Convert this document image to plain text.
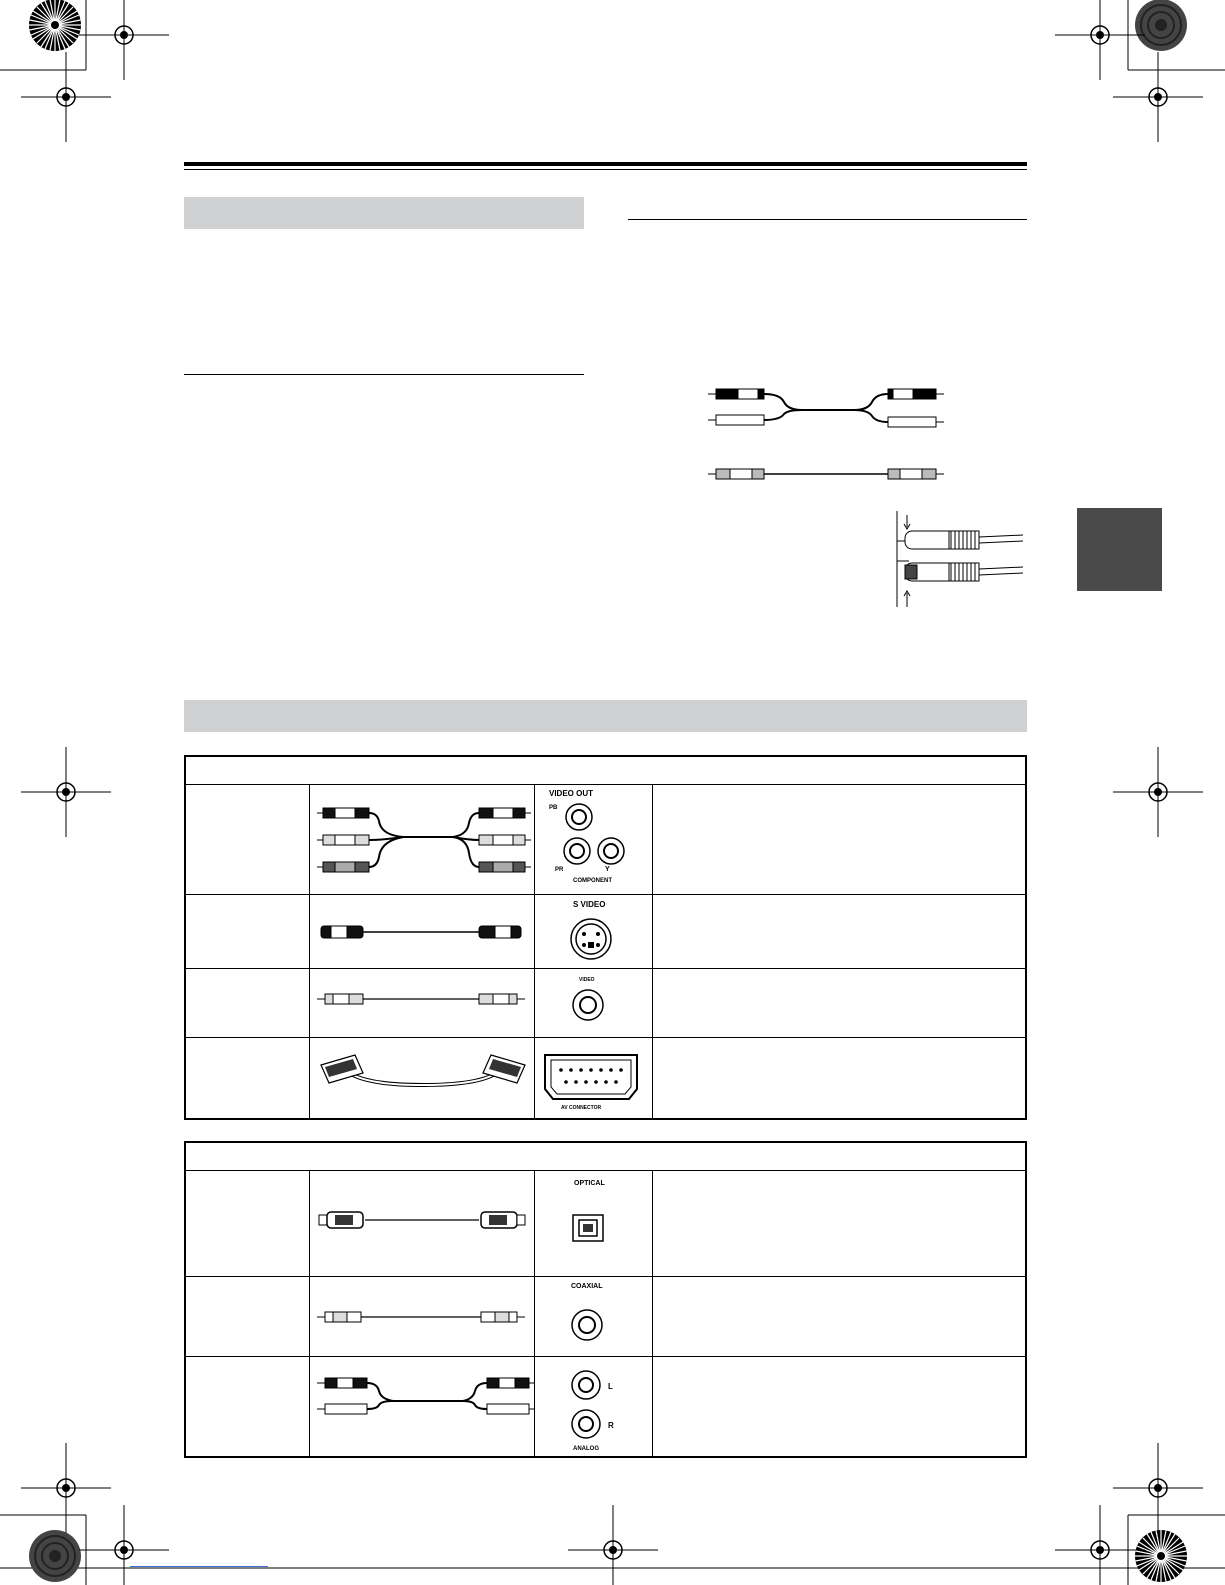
VIDEO OUT
PB
PR	Y
COMPONENT
S VIDEO
VIDEO
AV CONNECTOR
OPTICAL
COAXIAL
L
R
ANALOG
